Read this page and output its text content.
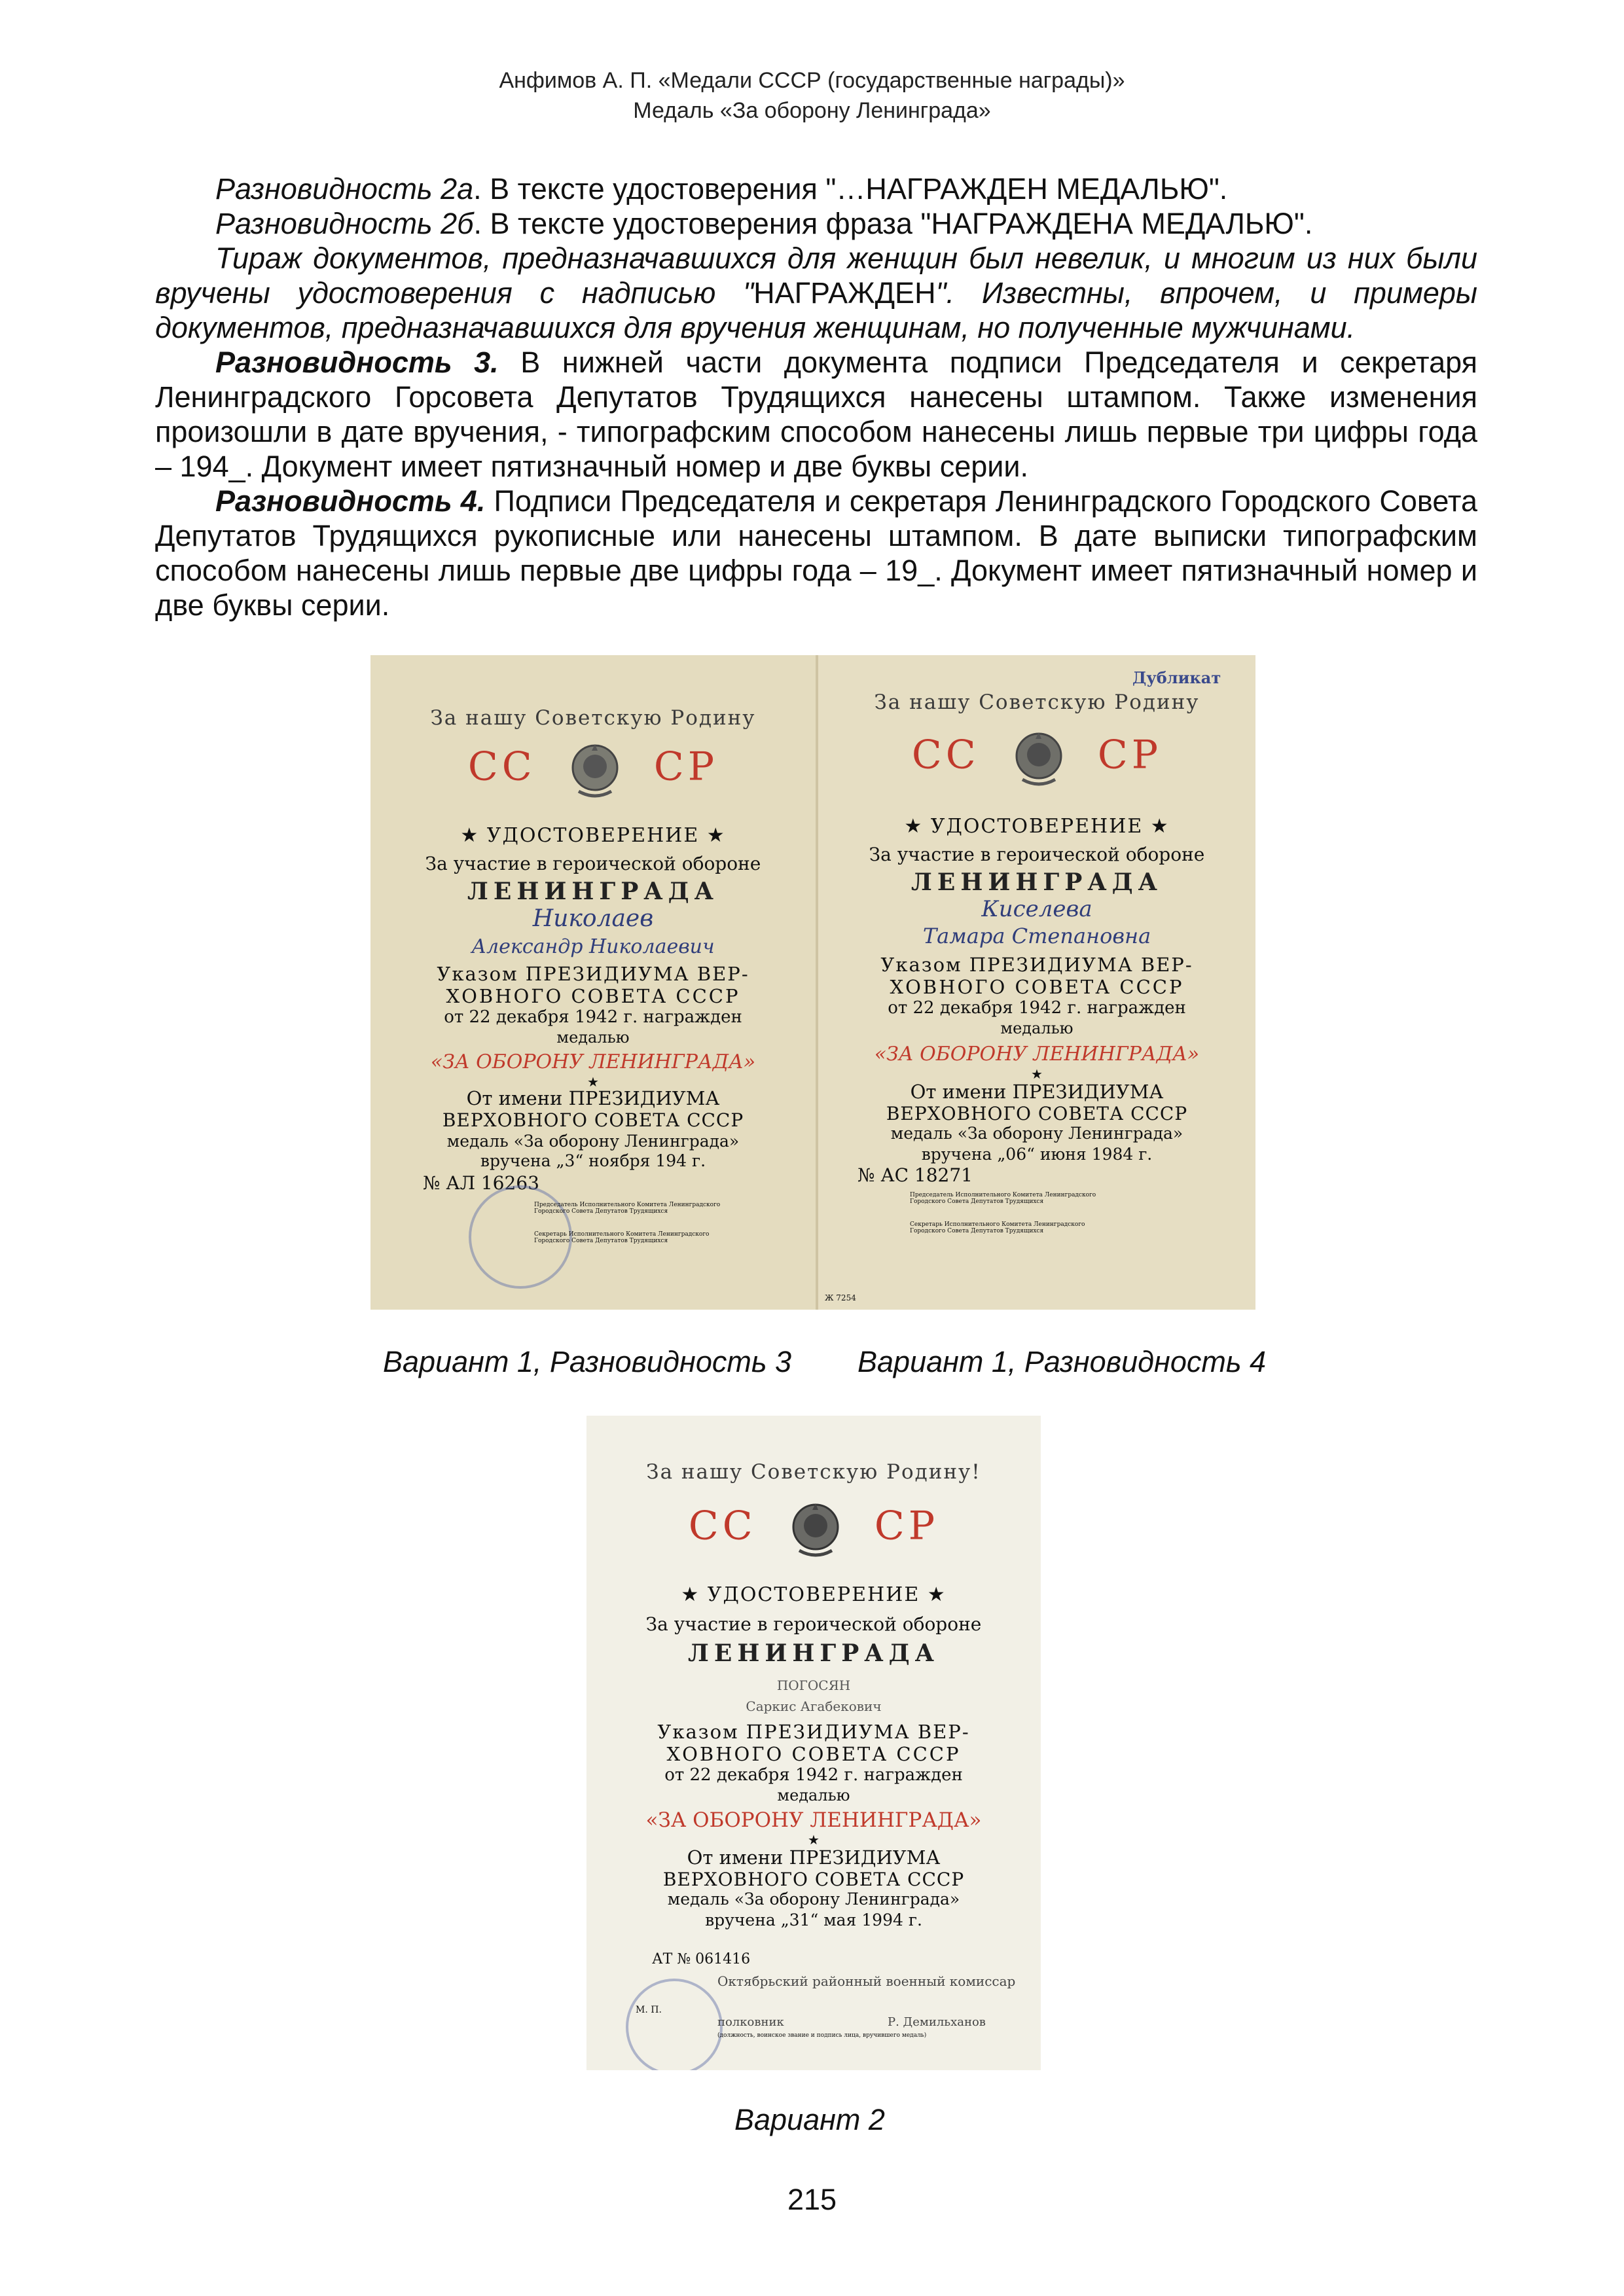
Анфимов А. П. «Медали СССР (государственные награды)»
Медаль «За оборону Ленинграда»

Разновидность 2а. В тексте удостоверения "…НАГРАЖДЕН МЕДАЛЬЮ".

Разновидность 2б. В тексте удостоверения фраза "НАГРАЖДЕНА МЕДАЛЬЮ".

Тираж документов, предназначавшихся для женщин был невелик, и многим из них были вручены удостоверения с надписью "НАГРАЖДЕН". Известны, впрочем, и примеры документов, предназначавшихся для вручения женщинам, но полученные мужчинами.

Разновидность 3. В нижней части документа подписи Председателя и секретаря Ленинградского Горсовета Депутатов Трудящихся нанесены штампом. Также изменения произошли в дате вручения, - типографским способом нанесены лишь первые три цифры года – 194_. Документ имеет пятизначный номер и две буквы серии.

Разновидность 4. Подписи Председателя и секретаря Ленинградского Городского Совета Депутатов Трудящихся рукописные или нанесены штампом. В дате выписки типографским способом нанесены лишь первые две цифры года – 19_. Документ имеет пятизначный номер и две буквы серии.

За нашу Советскую Родину
СС	СР
★ УДОСТОВЕРЕНИЕ ★
За участие в героической обороне
ЛЕНИНГРАДА
Николаев
Александр Николаевич
Указом ПРЕЗИДИУМА ВЕР-
ХОВНОГО СОВЕТА СССР
от 22 декабря 1942 г. награжден
медалью
«ЗА ОБОРОНУ ЛЕНИНГРАДА»
★
От имени ПРЕЗИДИУМА
ВЕРХОВНОГО СОВЕТА СССР
медаль «За оборону Ленинграда»
вручена „3“ ноября 194 г.
№ АЛ 16263
Председатель Исполнительного Комитета Ленинградского Городского Совета Депутатов Трудящихся
Секретарь Исполнительного Комитета Ленинградского Городского Совета Депутатов Трудящихся
Дубликат
За нашу Советскую Родину
СС	СР
★ УДОСТОВЕРЕНИЕ ★
За участие в героической обороне
ЛЕНИНГРАДА
Киселева
Тамара Степановна
Указом ПРЕЗИДИУМА ВЕР-
ХОВНОГО СОВЕТА СССР
от 22 декабря 1942 г. награжден
медалью
«ЗА ОБОРОНУ ЛЕНИНГРАДА»
★
От имени ПРЕЗИДИУМА
ВЕРХОВНОГО СОВЕТА СССР
медаль «За оборону Ленинграда»
вручена „06“ июня 1984 г.
№ АС 18271
Председатель Исполнительного Комитета Ленинградского Городского Совета Депутатов Трудящихся
Секретарь Исполнительного Комитета Ленинградского Городского Совета Депутатов Трудящихся
Ж 7254
Вариант 1, Разновидность 3 Вариант 1, Разновидность 4
За нашу Советскую Родину!
СС	СР
★ УДОСТОВЕРЕНИЕ ★
За участие в героической обороне
ЛЕНИНГРАДА
ПОГОСЯН
Саркис Агабекович
Указом ПРЕЗИДИУМА ВЕР-
ХОВНОГО СОВЕТА СССР
от 22 декабря 1942 г. награжден
медалью
«ЗА ОБОРОНУ ЛЕНИНГРАДА»
★
От имени ПРЕЗИДИУМА
ВЕРХОВНОГО СОВЕТА СССР
медаль «За оборону Ленинграда»
вручена „31“ мая 1994 г.
АТ № 061416
Октябрьский районный военный комиссар
М. П.
полковник	Р. Демильханов
(должность, воинское звание и подпись лица, вручившего медаль)
Вариант 2
215
